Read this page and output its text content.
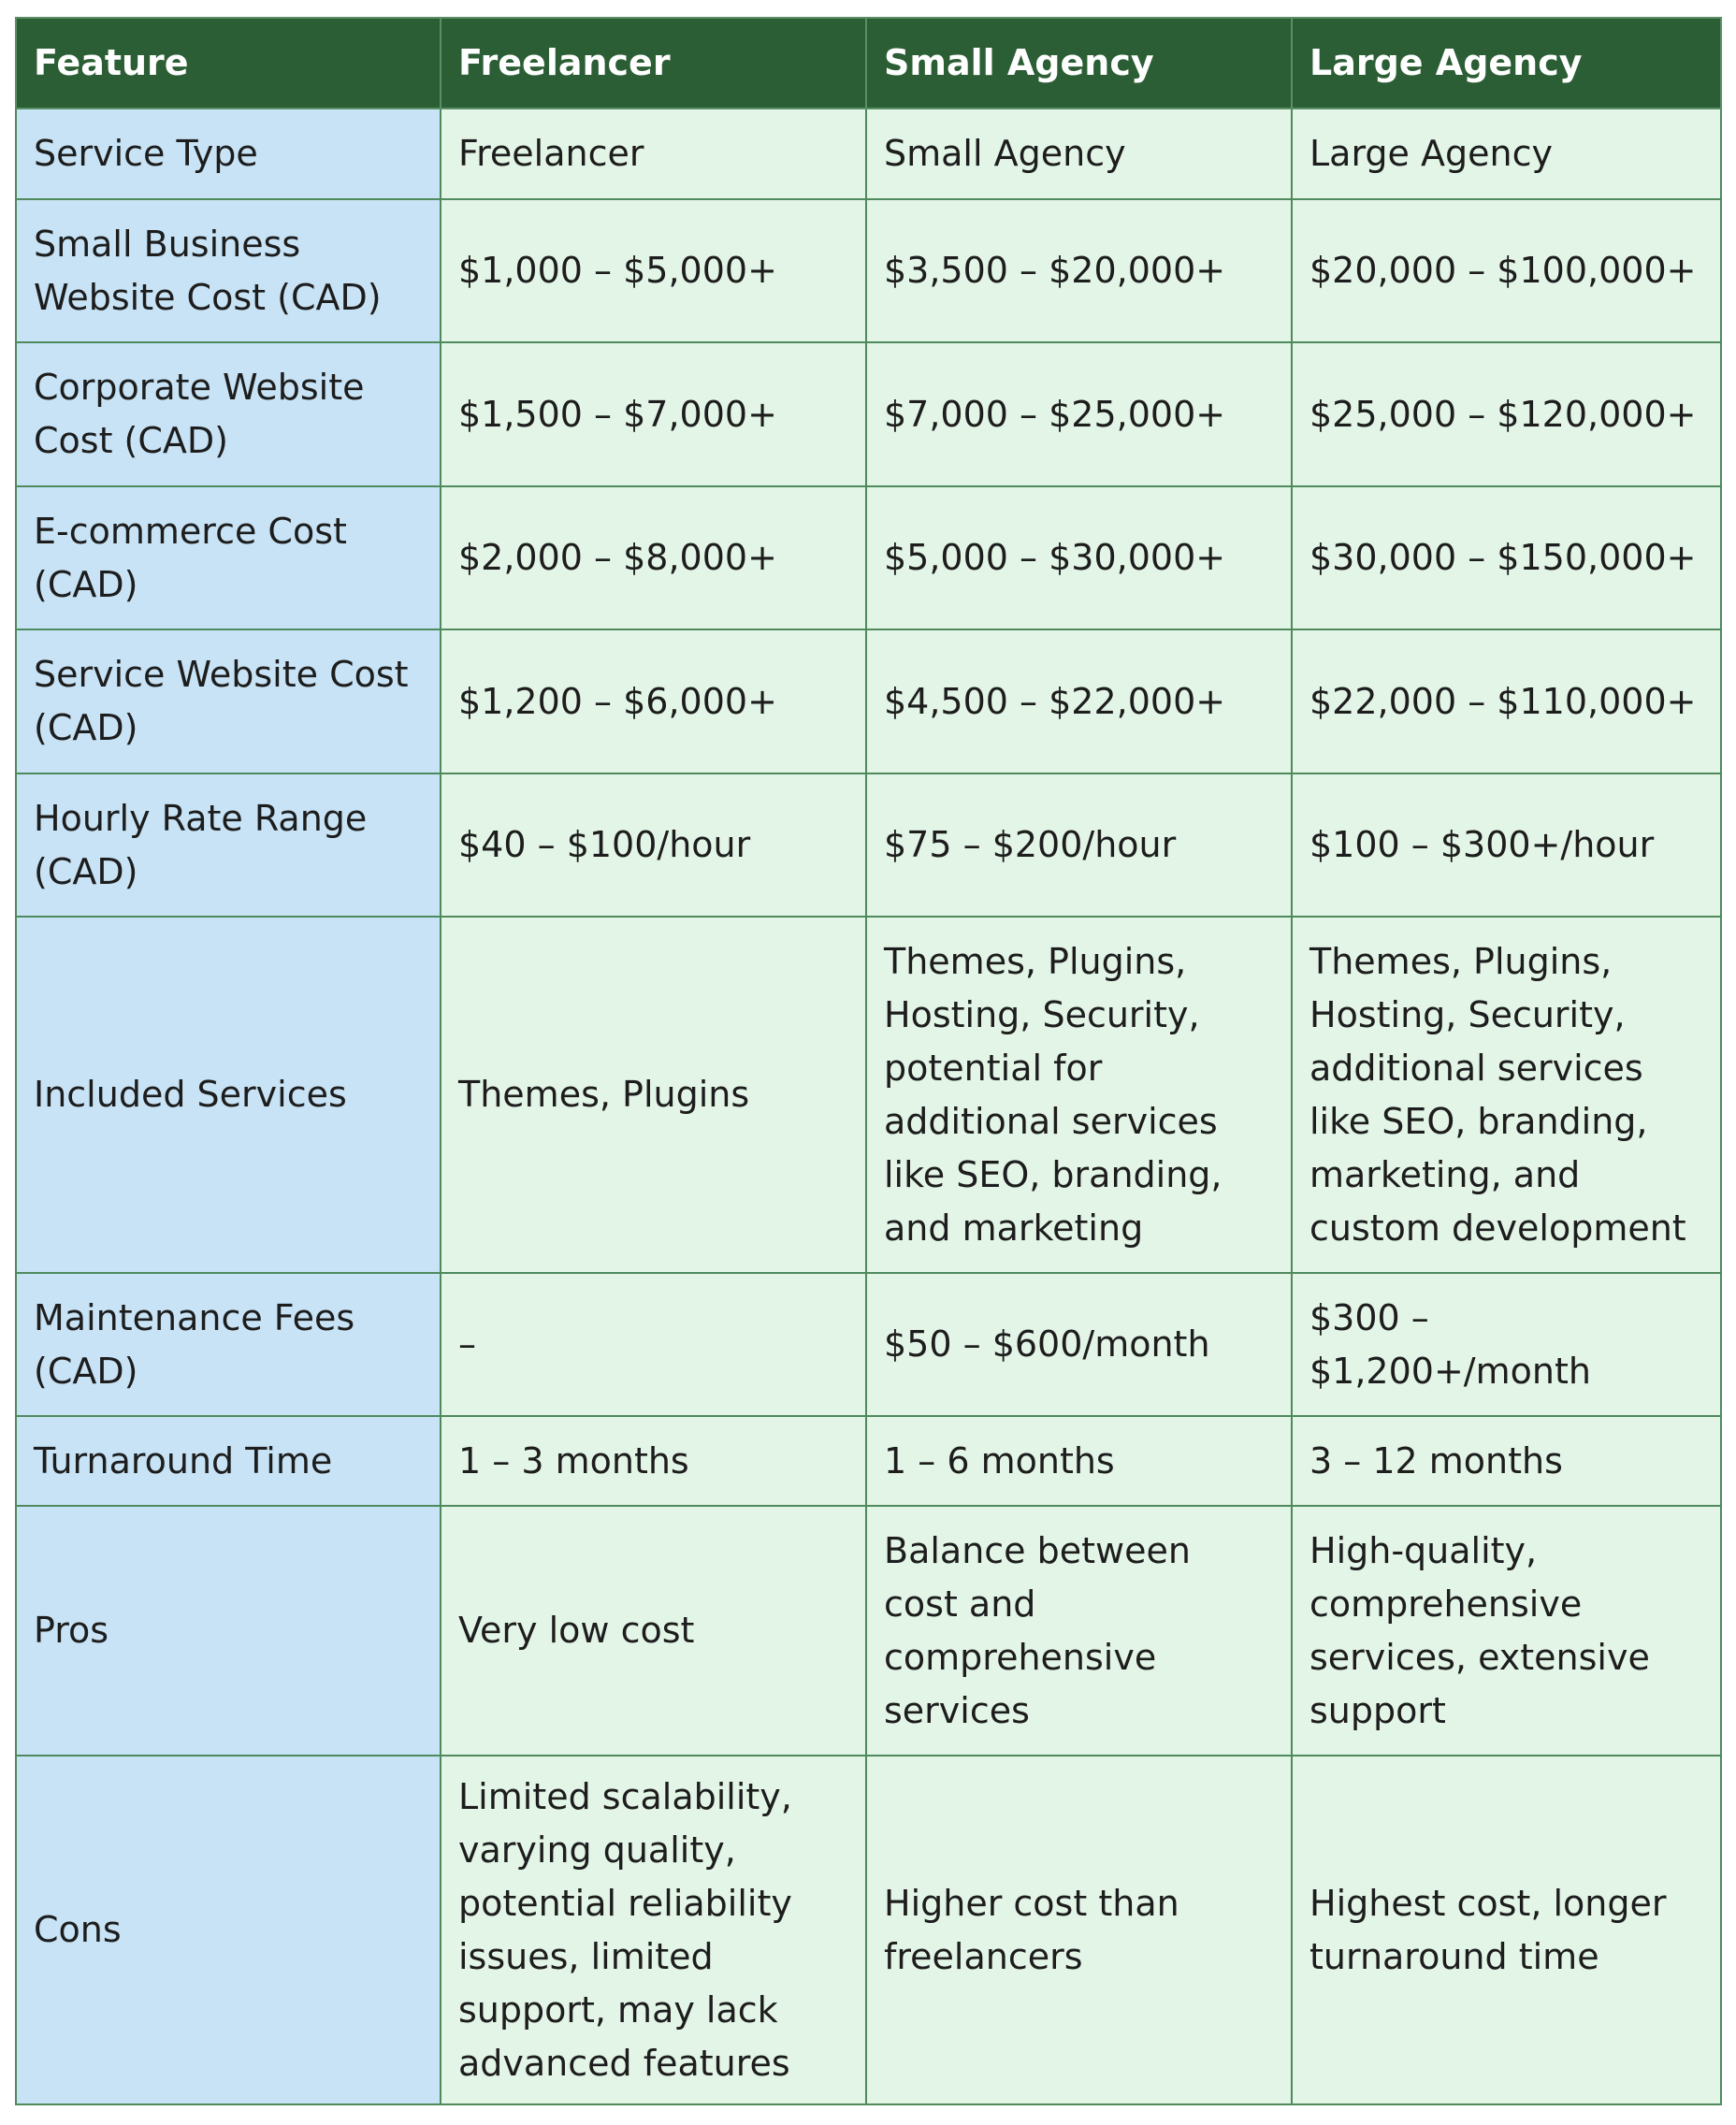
Feature	Freelancer	Small Agency	Large Agency
Service Type	Freelancer	Small Agency	Large Agency
Small Business Website Cost (CAD)	$1,000 – $5,000+	$3,500 – $20,000+	$20,000 – $100,000+
Corporate Website Cost (CAD)	$1,500 – $7,000+	$7,000 – $25,000+	$25,000 – $120,000+
E-commerce Cost (CAD)	$2,000 – $8,000+	$5,000 – $30,000+	$30,000 – $150,000+
Service Website Cost (CAD)	$1,200 – $6,000+	$4,500 – $22,000+	$22,000 – $110,000+
Hourly Rate Range (CAD)	$40 – $100/hour	$75 – $200/hour	$100 – $300+/hour
Included Services	Themes, Plugins	Themes, Plugins, Hosting, Security, potential for additional services like SEO, branding, and marketing	Themes, Plugins, Hosting, Security, additional services like SEO, branding, marketing, and custom development
Maintenance Fees (CAD)	–	$50 – $600/month	$300 – $1,200+/month
Turnaround Time	1 – 3 months	1 – 6 months	3 – 12 months
Pros	Very low cost	Balance between cost and comprehensive services	High-quality, comprehensive services, extensive support
Cons	Limited scalability, varying quality, potential reliability issues, limited support, may lack advanced features	Higher cost than freelancers	Highest cost, longer turnaround time
